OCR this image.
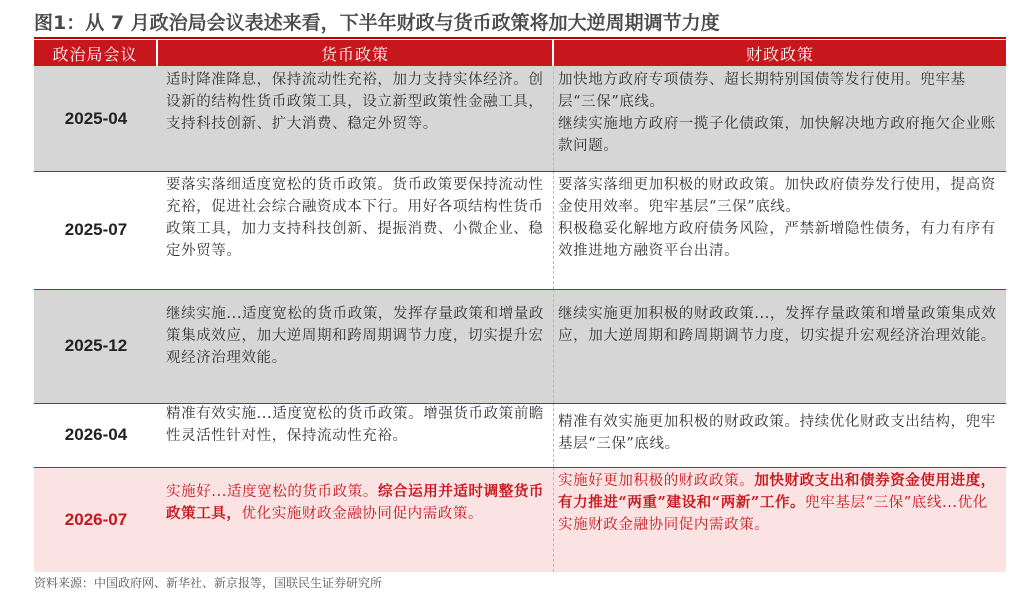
图1：从 7 月政治局会议表述来看，下半年财政与货币政策将加大逆周期调节力度
政治局会议	货币政策	财政政策
2025-04

适时降准降息，保持流动性充裕，加力支持实体经济。创设新的结构性货币政策工具，设立新型政策性金融工具，支持科技创新、扩大消费、稳定外贸等。

加快地方政府专项债券、超长期特别国债等发行使用。兜牢基层“三保”底线。

继续实施地方政府一揽子化债政策，加快解决地方政府拖欠企业账款问题。

2025-07

要落实落细适度宽松的货币政策。货币政策要保持流动性充裕，促进社会综合融资成本下行。用好各项结构性货币政策工具，加力支持科技创新、提振消费、小微企业、稳定外贸等。

要落实落细更加积极的财政政策。加快政府债券发行使用，提高资金使用效率。兜牢基层“三保”底线。

积极稳妥化解地方政府债务风险，严禁新增隐性债务，有力有序有效推进地方融资平台出清。

2025-12

继续实施...适度宽松的货币政策，发挥存量政策和增量政策集成效应，加大逆周期和跨周期调节力度，切实提升宏观经济治理效能。

继续实施更加积极的财政政策...，发挥存量政策和增量政策集成效应，加大逆周期和跨周期调节力度，切实提升宏观经济治理效能。

2026-04

精准有效实施...适度宽松的货币政策。增强货币政策前瞻性灵活性针对性，保持流动性充裕。

精准有效实施更加积极的财政政策。持续优化财政支出结构，兜牢基层“三保”底线。

2026-07

实施好...适度宽松的货币政策。综合运用并适时调整货币政策工具，优化实施财政金融协同促内需政策。

实施好更加积极的财政政策。加快财政支出和债券资金使用进度，有力推进“两重”建设和“两新”工作。兜牢基层“三保”底线...优化实施财政金融协同促内需政策。

资料来源：中国政府网、新华社、新京报等，国联民生证券研究所
